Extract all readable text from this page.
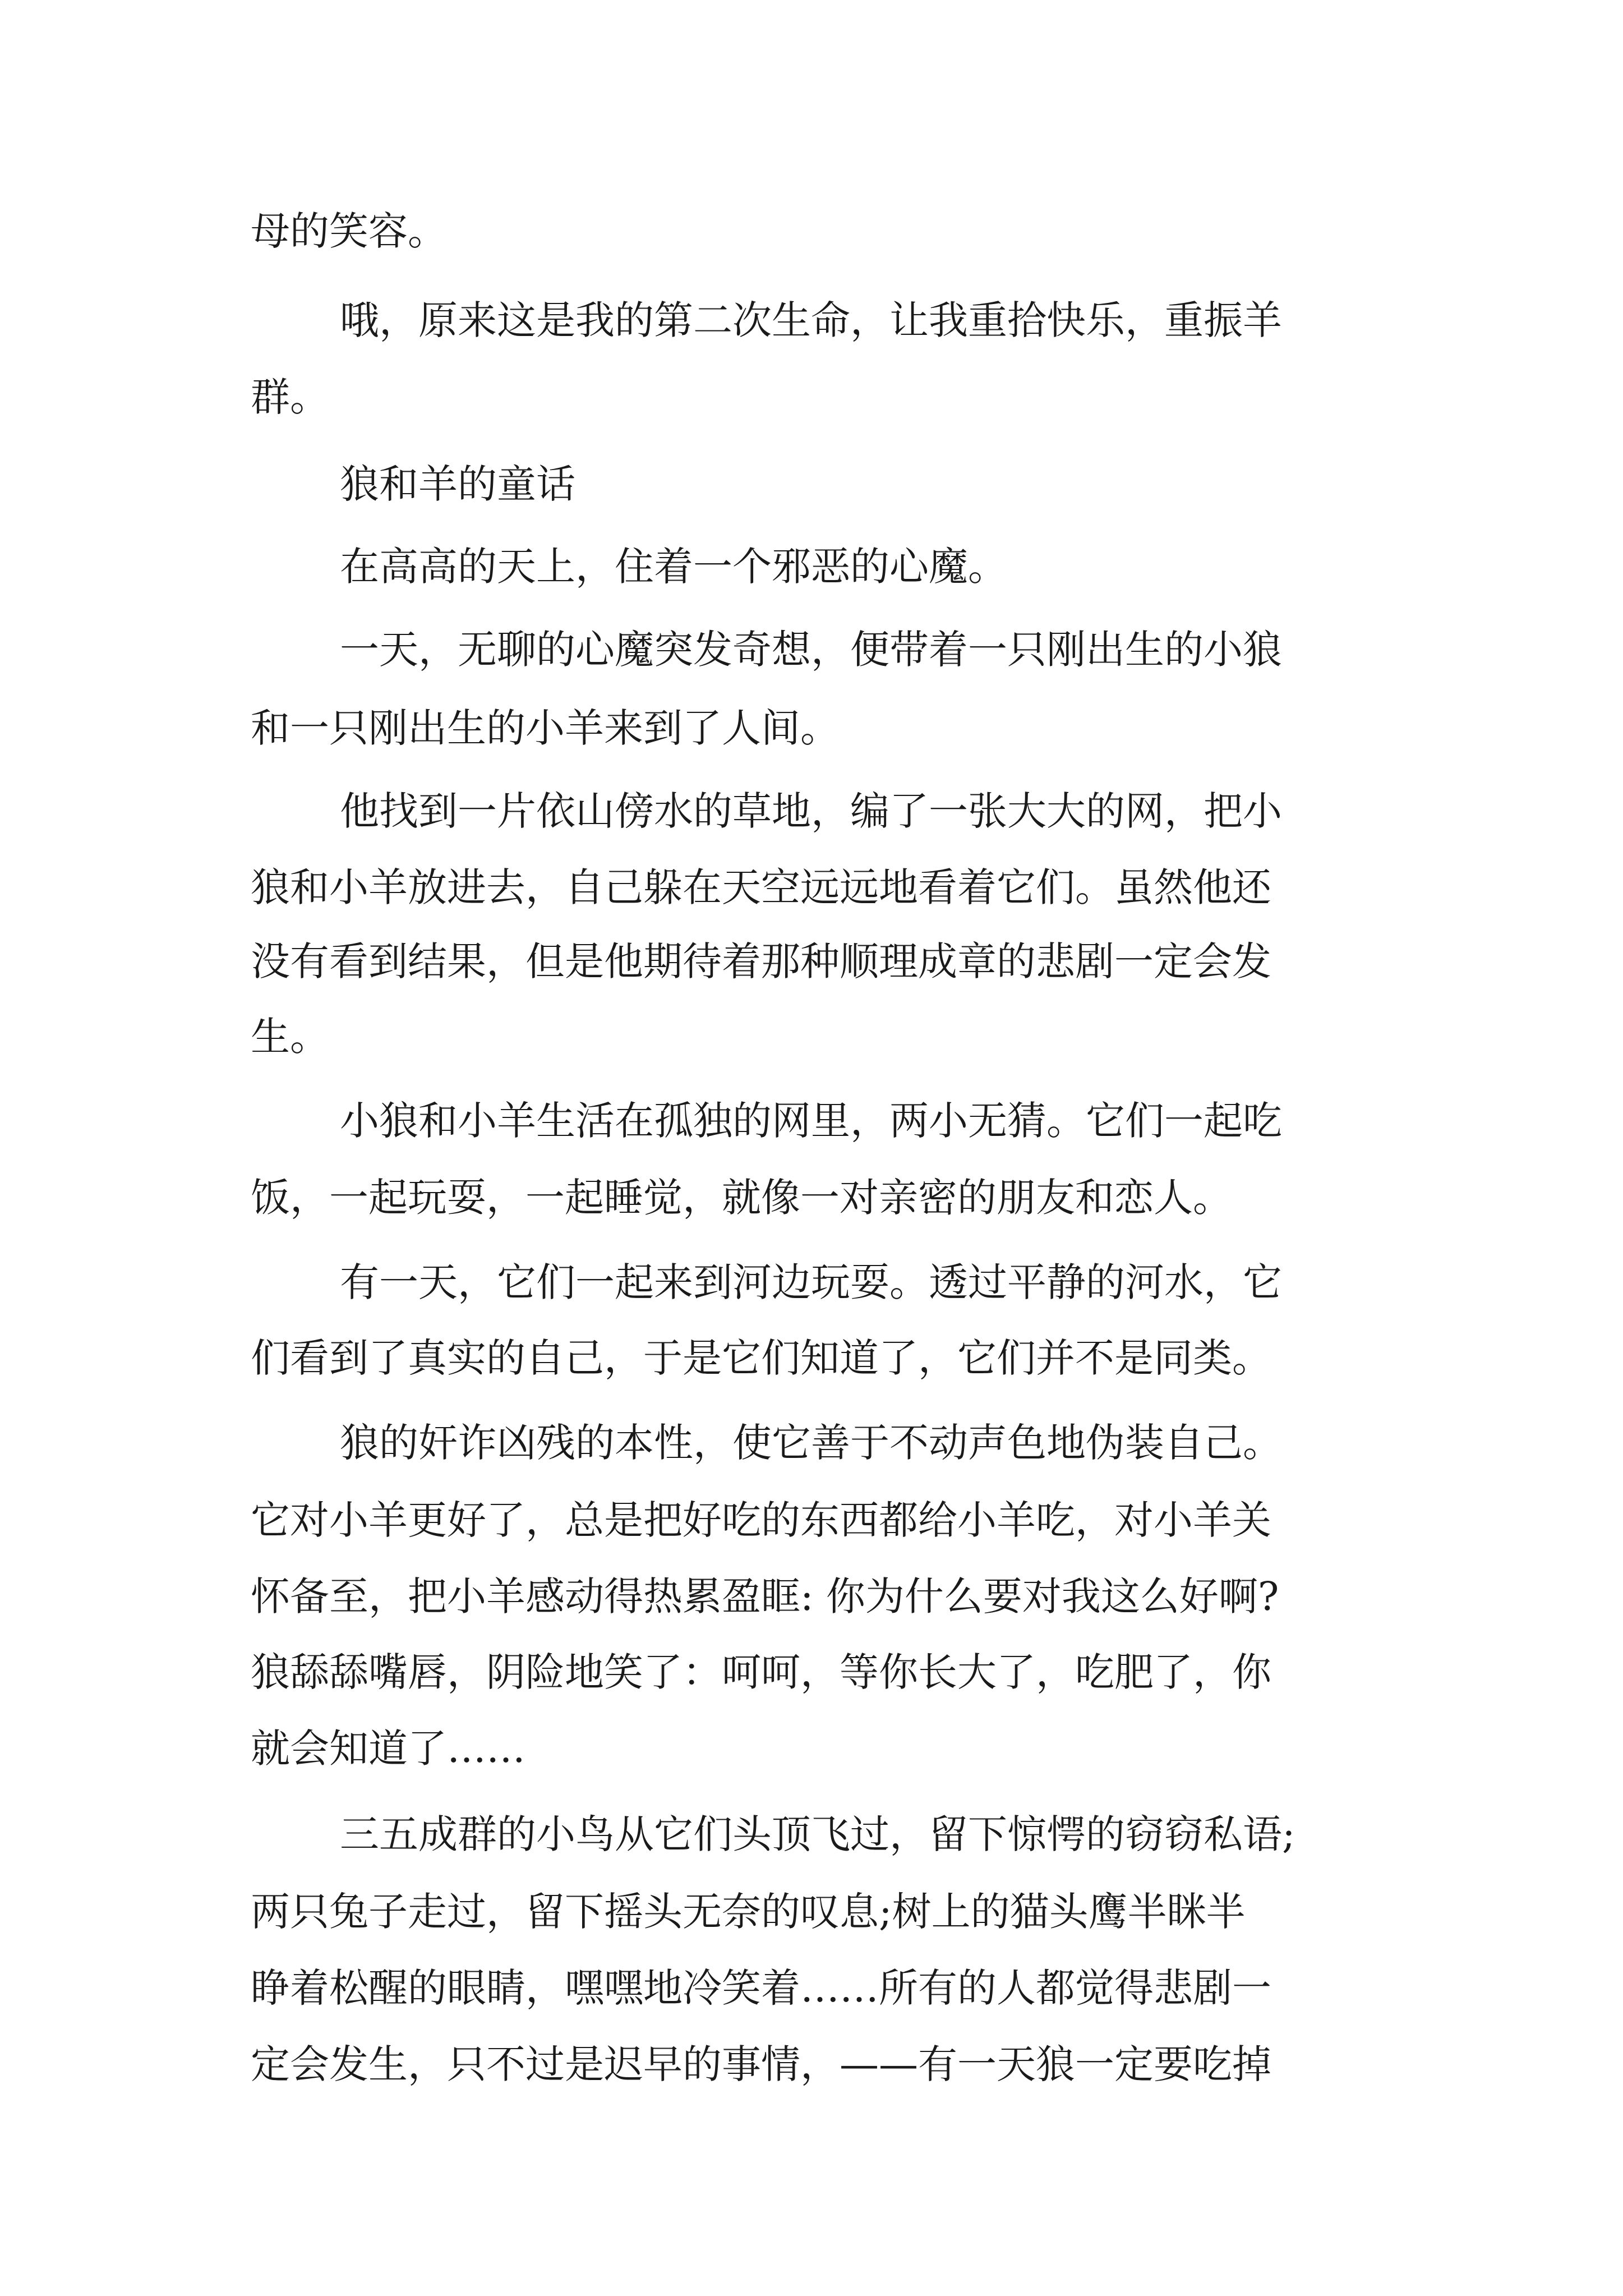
母的笑容。

哦，原来这是我的第二次生命，让我重拾快乐，重振羊

群。

狼和羊的童话

在高高的天上，住着一个邪恶的心魔。

一天，无聊的心魔突发奇想，便带着一只刚出生的小狼

和一只刚出生的小羊来到了人间。

他找到一片依山傍水的草地，编了一张大大的网，把小

狼和小羊放进去，自己躲在天空远远地看着它们。虽然他还

没有看到结果，但是他期待着那种顺理成章的悲剧一定会发

生。

小狼和小羊生活在孤独的网里，两小无猜。它们一起吃

饭，一起玩耍，一起睡觉，就像一对亲密的朋友和恋人。

有一天，它们一起来到河边玩耍。透过平静的河水，它

们看到了真实的自己，于是它们知道了，它们并不是同类。

狼的奸诈凶残的本性，使它善于不动声色地伪装自己。

它对小羊更好了，总是把好吃的东西都给小羊吃，对小羊关

怀备至，把小羊感动得热累盈眶: 你为什么要对我这么好啊?

狼舔舔嘴唇，阴险地笑了：呵呵，等你长大了，吃肥了，你

就会知道了……

三五成群的小鸟从它们头顶飞过，留下惊愕的窃窃私语;

两只兔子走过，留下摇头无奈的叹息;树上的猫头鹰半眯半

睁着松醒的眼睛，嘿嘿地冷笑着……所有的人都觉得悲剧一

定会发生，只不过是迟早的事情，——有一天狼一定要吃掉
